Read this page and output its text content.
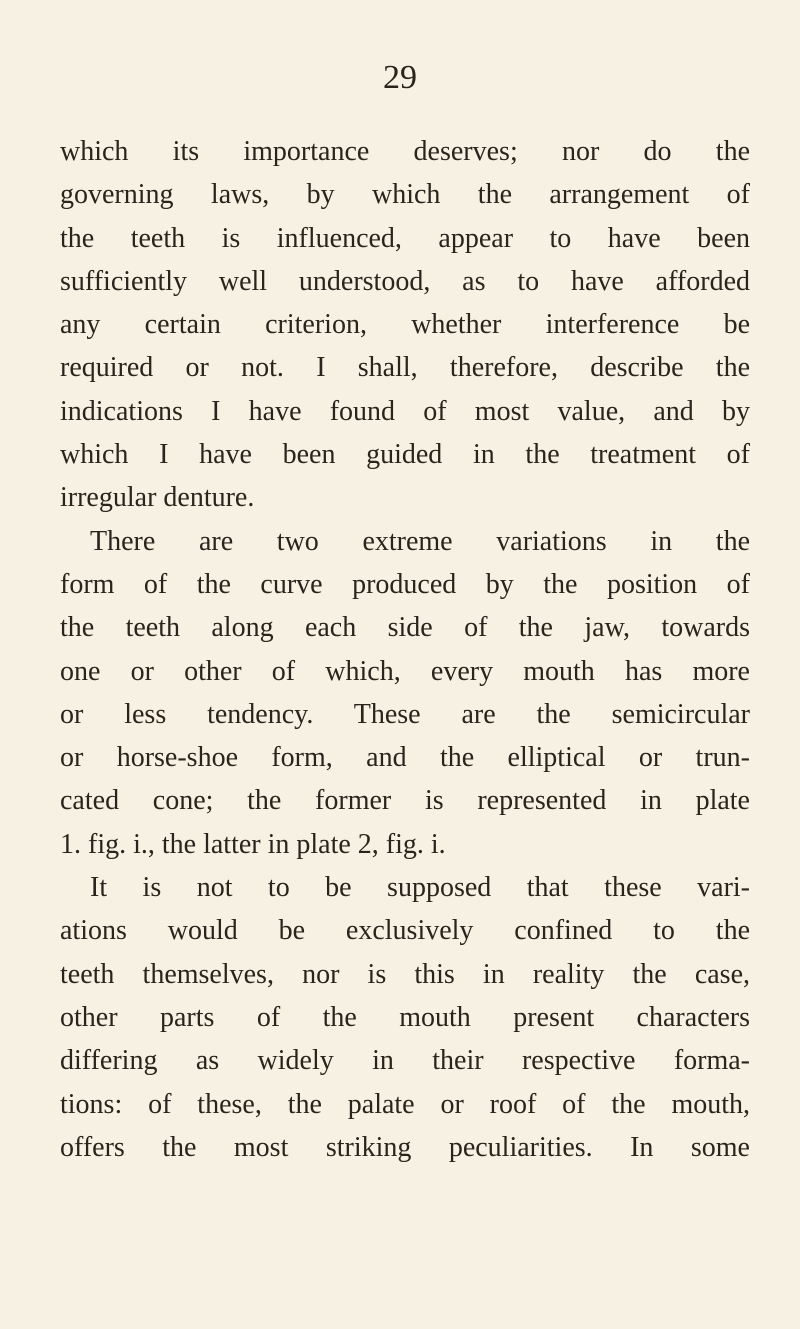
29
which its importance deserves; nor do the
governing laws, by which the arrangement of
the teeth is influenced, appear to have been
sufficiently well understood, as to have afforded
any certain criterion, whether interference be
required or not. I shall, therefore, describe the
indications I have found of most value, and by
which I have been guided in the treatment of
irregular denture.
There are two extreme variations in the
form of the curve produced by the position of
the teeth along each side of the jaw, towards
one or other of which, every mouth has more
or less tendency. These are the semicircular
or horse-shoe form, and the elliptical or trun-
cated cone; the former is represented in plate
1. fig. i., the latter in plate 2, fig. i.
It is not to be supposed that these vari-
ations would be exclusively confined to the
teeth themselves, nor is this in reality the case,
other parts of the mouth present characters
differing as widely in their respective forma-
tions: of these, the palate or roof of the mouth,
offers the most striking peculiarities. In some
